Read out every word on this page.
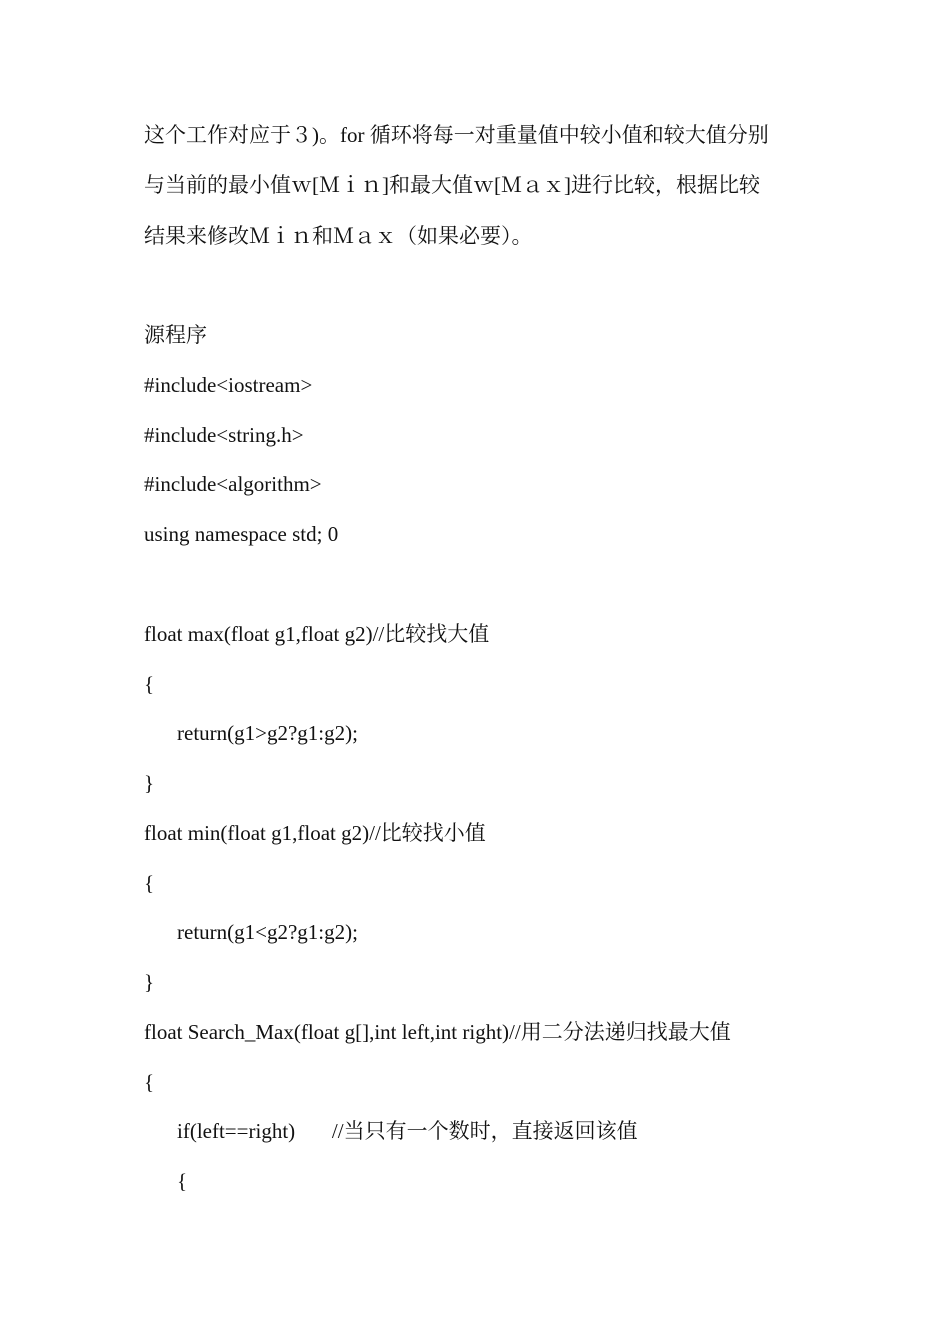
这个工作对应于３)。for 循环将每一对重量值中较小值和较大值分别
与当前的最小值ｗ[Ｍｉｎ]和最大值ｗ[Ｍａｘ]进行比较，根据比较
结果来修改Ｍｉｎ和Ｍａｘ（如果必要）。
源程序
#include<iostream>
#include<string.h>
#include<algorithm>
using namespace std; 0
float max(float g1,float g2)//比较找大值
{
return(g1>g2?g1:g2);
}
float min(float g1,float g2)//比较找小值
{
return(g1<g2?g1:g2);
}
float Search_Max(float g[],int left,int right)//用二分法递归找最大值
{
if(left==right)       //当只有一个数时，直接返回该值
{
